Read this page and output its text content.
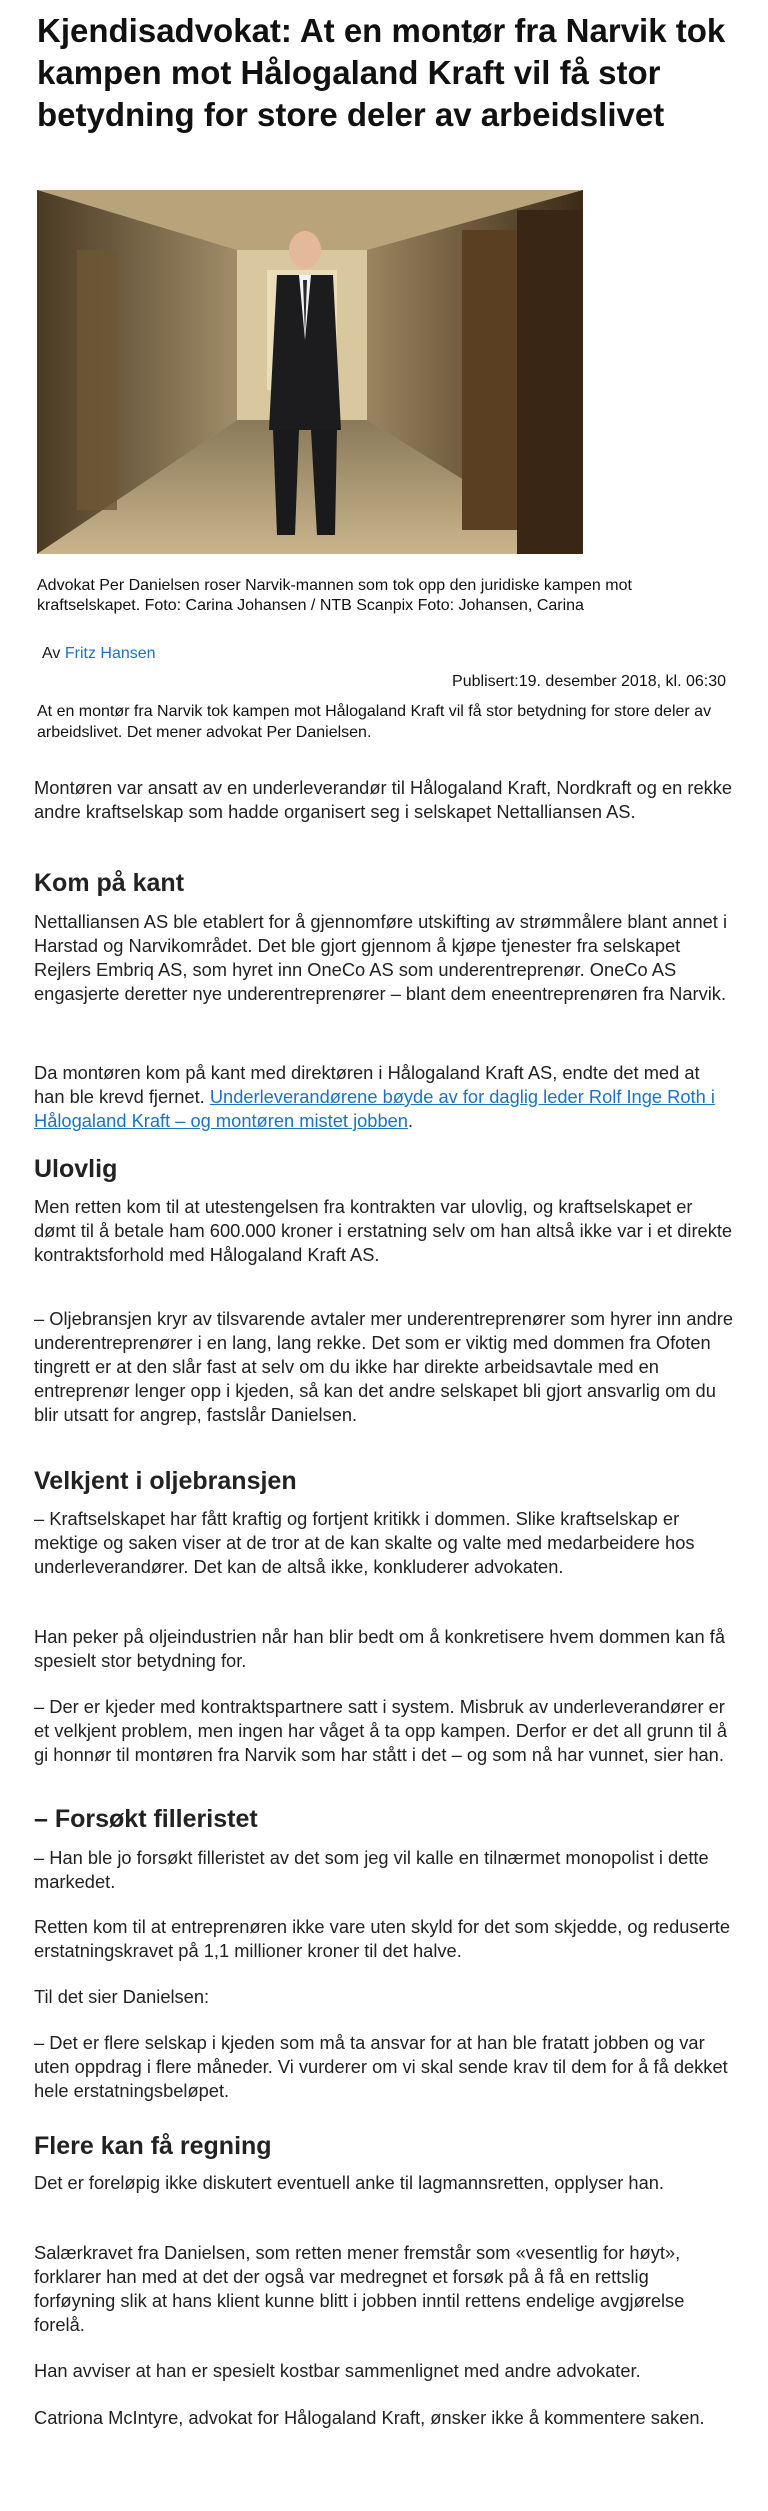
Kjendisadvokat: At en montør fra Narvik tok kampen mot Hålogaland Kraft vil få stor betydning for store deler av arbeidslivet
Advokat Per Danielsen roser Narvik-mannen som tok opp den juridiske kampen mot kraftselskapet. Foto: Carina Johansen / NTB Scanpix Foto: Johansen, Carina
Av Fritz Hansen
Publisert:19. desember 2018, kl. 06:30
At en montør fra Narvik tok kampen mot Hålogaland Kraft vil få stor betydning for store deler av arbeidslivet. Det mener advokat Per Danielsen.

Montøren var ansatt av en underleverandør til Hålogaland Kraft, Nordkraft og en rekke andre kraftselskap som hadde organisert seg i selskapet Nettalliansen AS.

Kom på kant

Nettalliansen AS ble etablert for å gjennomføre utskifting av strømmålere blant annet i Harstad og Narvikområdet. Det ble gjort gjennom å kjøpe tjenester fra selskapet Rejlers Embriq AS, som hyret inn OneCo AS som underentreprenør. OneCo AS engasjerte deretter nye underentreprenører – blant dem eneentreprenøren fra Narvik.

Da montøren kom på kant med direktøren i Hålogaland Kraft AS, endte det med at han ble krevd fjernet. Underleverandørene bøyde av for daglig leder Rolf Inge Roth i Hålogaland Kraft – og montøren mistet jobben.

Ulovlig

Men retten kom til at utestengelsen fra kontrakten var ulovlig, og kraftselskapet er dømt til å betale ham 600.000 kroner i erstatning selv om han altså ikke var i et direkte kontraktsforhold med Hålogaland Kraft AS.

– Oljebransjen kryr av tilsvarende avtaler mer underentreprenører som hyrer inn andre underentreprenører i en lang, lang rekke. Det som er viktig med dommen fra Ofoten tingrett er at den slår fast at selv om du ikke har direkte arbeidsavtale med en entreprenør lenger opp i kjeden, så kan det andre selskapet bli gjort ansvarlig om du blir utsatt for angrep, fastslår Danielsen.

Velkjent i oljebransjen

– Kraftselskapet har fått kraftig og fortjent kritikk i dommen. Slike kraftselskap er mektige og saken viser at de tror at de kan skalte og valte med medarbeidere hos underleverandører. Det kan de altså ikke, konkluderer advokaten.

Han peker på oljeindustrien når han blir bedt om å konkretisere hvem dommen kan få spesielt stor betydning for.

– Der er kjeder med kontraktspartnere satt i system. Misbruk av underleverandører er et velkjent problem, men ingen har våget å ta opp kampen. Derfor er det all grunn til å gi honnør til montøren fra Narvik som har stått i det – og som nå har vunnet, sier han.

– Forsøkt filleristet

– Han ble jo forsøkt filleristet av det som jeg vil kalle en tilnærmet monopolist i dette markedet.

Retten kom til at entreprenøren ikke vare uten skyld for det som skjedde, og reduserte erstatningskravet på 1,1 millioner kroner til det halve.

Til det sier Danielsen:

– Det er flere selskap i kjeden som må ta ansvar for at han ble fratatt jobben og var uten oppdrag i flere måneder. Vi vurderer om vi skal sende krav til dem for å få dekket hele erstatningsbeløpet.

Flere kan få regning

Det er foreløpig ikke diskutert eventuell anke til lagmannsretten, opplyser han.

Salærkravet fra Danielsen, som retten mener fremstår som «vesentlig for høyt», forklarer han med at det der også var medregnet et forsøk på å få en rettslig forføyning slik at hans klient kunne blitt i jobben inntil rettens endelige avgjørelse forelå.

Han avviser at han er spesielt kostbar sammenlignet med andre advokater.

Catriona McIntyre, advokat for Hålogaland Kraft, ønsker ikke å kommentere saken.
